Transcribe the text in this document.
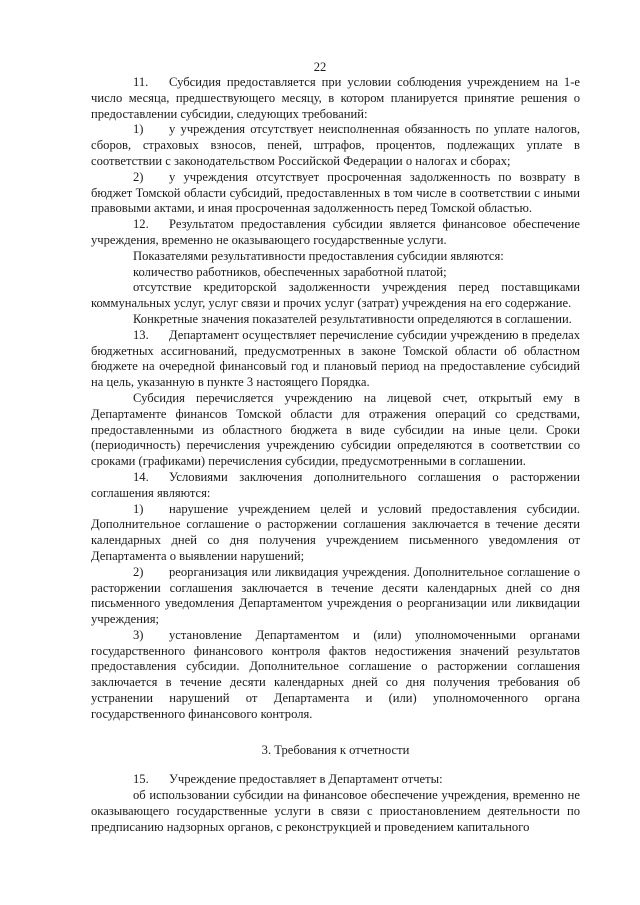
22

11. Субсидия предоставляется при условии соблюдения учреждением на 1-е число месяца, предшествующего месяцу, в котором планируется принятие решения о предоставлении субсидии, следующих требований:

1) у учреждения отсутствует неисполненная обязанность по уплате налогов, сборов, страховых взносов, пеней, штрафов, процентов, подлежащих уплате в соответствии с законодательством Российской Федерации о налогах и сборах;

2) у учреждения отсутствует просроченная задолженность по возврату в бюджет Томской области субсидий, предоставленных в том числе в соответствии с иными правовыми актами, и иная просроченная задолженность перед Томской областью.

12. Результатом предоставления субсидии является финансовое обеспечение учреждения, временно не оказывающего государственные услуги.

Показателями результативности предоставления субсидии являются:

количество работников, обеспеченных заработной платой;

отсутствие кредиторской задолженности учреждения перед поставщиками коммунальных услуг, услуг связи и прочих услуг (затрат) учреждения на его содержание.

Конкретные значения показателей результативности определяются в соглашении.

13. Департамент осуществляет перечисление субсидии учреждению в пределах бюджетных ассигнований, предусмотренных в законе Томской области об областном бюджете на очередной финансовый год и плановый период на предоставление субсидий на цель, указанную в пункте 3 настоящего Порядка.

Субсидия перечисляется учреждению на лицевой счет, открытый ему в Департаменте финансов Томской области для отражения операций со средствами, предоставленными из областного бюджета в виде субсидии на иные цели. Сроки (периодичность) перечисления учреждению субсидии определяются в соответствии со сроками (графиками) перечисления субсидии, предусмотренными в соглашении.

14. Условиями заключения дополнительного соглашения о расторжении соглашения являются:

1) нарушение учреждением целей и условий предоставления субсидии. Дополнительное соглашение о расторжении соглашения заключается в течение десяти календарных дней со дня получения учреждением письменного уведомления от Департамента о выявлении нарушений;

2) реорганизация или ликвидация учреждения. Дополнительное соглашение о расторжении соглашения заключается в течение десяти календарных дней со дня письменного уведомления Департаментом учреждения о реорганизации или ликвидации учреждения;

3) установление Департаментом и (или) уполномоченными органами государственного финансового контроля фактов недостижения значений результатов предоставления субсидии. Дополнительное соглашение о расторжении соглашения заключается в течение десяти календарных дней со дня получения требования об устранении нарушений от Департамента и (или) уполномоченного органа государственного финансового контроля.

3. Требования к отчетности

15. Учреждение предоставляет в Департамент отчеты:

об использовании субсидии на финансовое обеспечение учреждения, временно не оказывающего государственные услуги в связи с приостановлением деятельности по предписанию надзорных органов, с реконструкцией и проведением капитального
